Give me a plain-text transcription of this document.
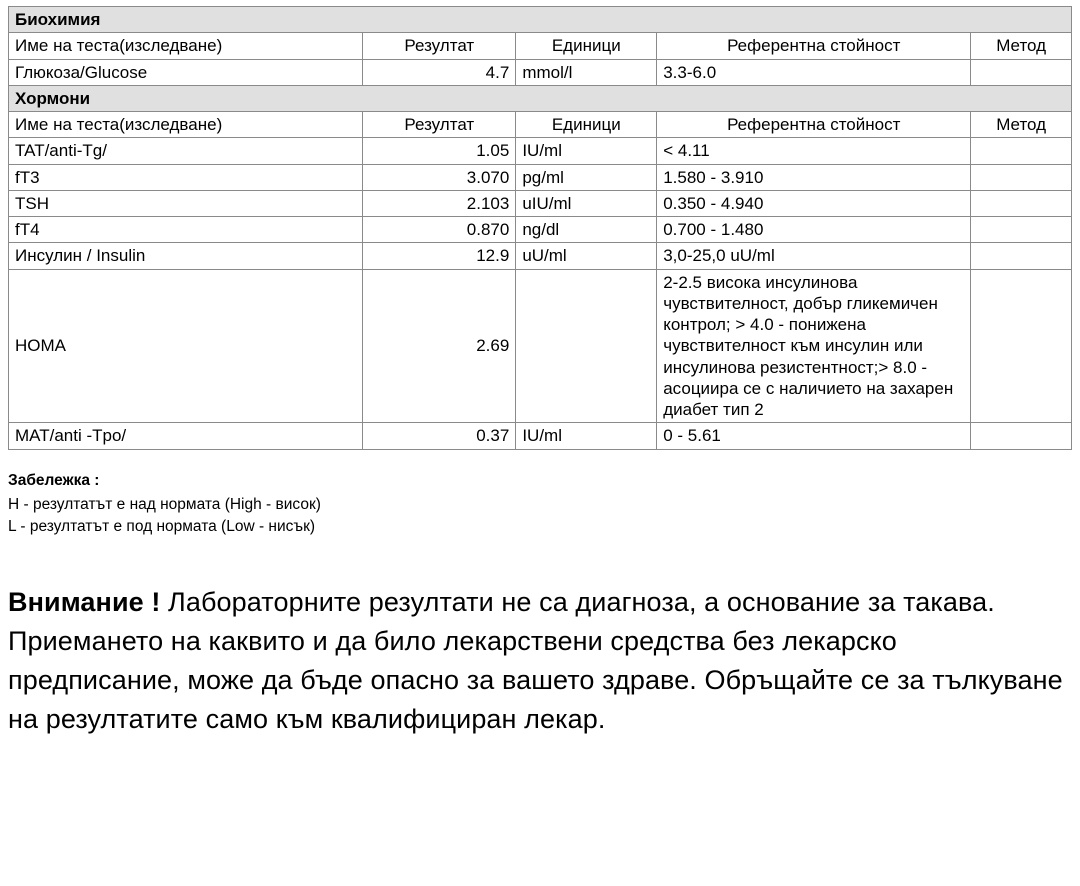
Биохимия				
Име на теста(изследване)	Резултат	Единици	Референтна стойност	Метод
Глюкоза/Glucose	4.7	mmol/l	3.3-6.0	
Хормони				
Име на теста(изследване)	Резултат	Единици	Референтна стойност	Метод
TAT/anti-Tg/	1.05	IU/ml	< 4.11	
fT3	3.070	pg/ml	1.580 - 3.910	
TSH	2.103	uIU/ml	0.350 - 4.940	
fT4	0.870	ng/dl	0.700 - 1.480	
Инсулин / Insulin	12.9	uU/ml	3,0-25,0 uU/ml	
HOMA	2.69		2-2.5 висока инсулинова чувствителност, добър гликемичен контрол; > 4.0 - понижена чувствителност към инсулин или инсулинова резистентност;> 8.0 - асоциира се с наличието на захарен диабет тип 2	
MAT/anti -Tpo/	0.37	IU/ml	0 - 5.61	
Забележка :
H - резултатът е над нормата (High - висок)
L - резултатът е под нормата (Low - нисък)
Внимание ! Лабораторните резултати не са диагноза, а основание за такава. Приемането на каквито и да било лекарствени средства без лекарско предписание, може да бъде опасно за вашето здраве. Обръщайте се за тълкуване на резултатите само към квалифициран лекар.
